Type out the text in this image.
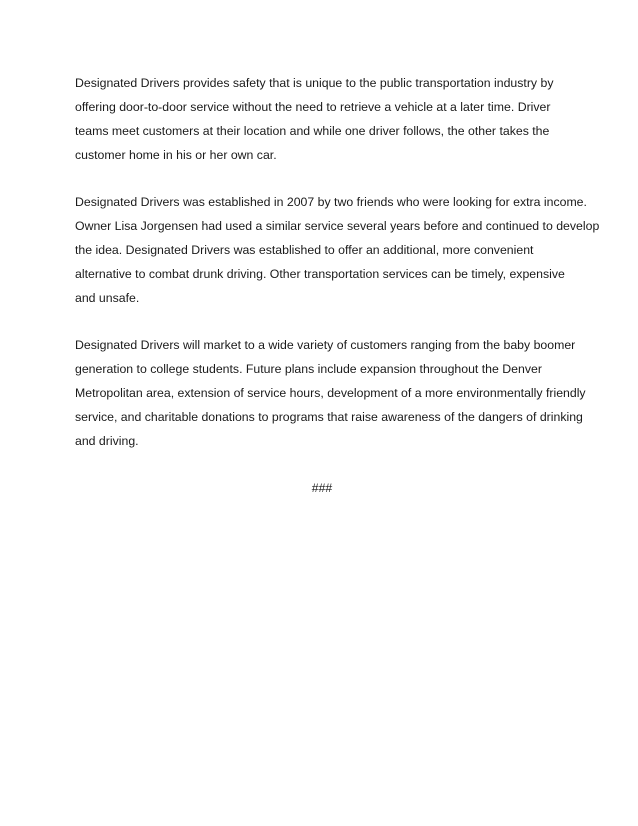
Designated Drivers provides safety that is unique to the public transportation industry by
offering door-to-door service without the need to retrieve a vehicle at a later time. Driver
teams meet customers at their location and while one driver follows, the other takes the
customer home in his or her own car.

Designated Drivers was established in 2007 by two friends who were looking for extra income.
Owner Lisa Jorgensen had used a similar service several years before and continued to develop
the idea. Designated Drivers was established to offer an additional, more convenient
alternative to combat drunk driving. Other transportation services can be timely, expensive
and unsafe.

Designated Drivers will market to a wide variety of customers ranging from the baby boomer
generation to college students. Future plans include expansion throughout the Denver
Metropolitan area, extension of service hours, development of a more environmentally friendly
service, and charitable donations to programs that raise awareness of the dangers of drinking
and driving.

###
